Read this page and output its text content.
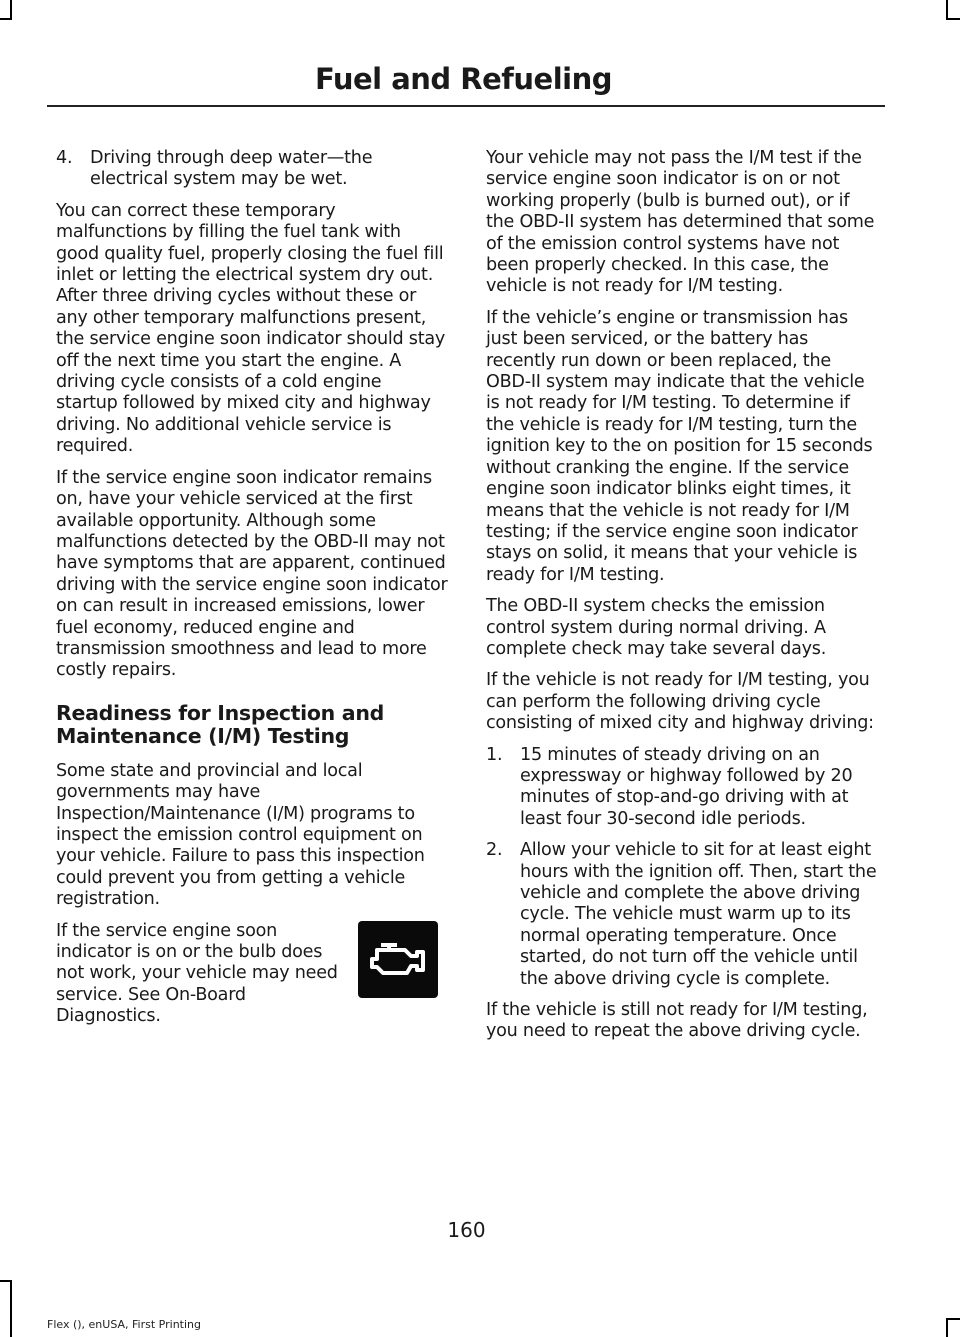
Fuel and Refueling
4. Driving through deep water—the electrical system may be wet.

You can correct these temporary malfunctions by filling the fuel tank with good quality fuel, properly closing the fuel fill inlet or letting the electrical system dry out. After three driving cycles without these or any other temporary malfunctions present, the service engine soon indicator should stay off the next time you start the engine. A driving cycle consists of a cold engine startup followed by mixed city and highway driving. No additional vehicle service is required.

If the service engine soon indicator remains on, have your vehicle serviced at the first available opportunity. Although some malfunctions detected by the OBD-II may not have symptoms that are apparent, continued driving with the service engine soon indicator on can result in increased emissions, lower fuel economy, reduced engine and transmission smoothness and lead to more costly repairs.

Readiness for Inspection and Maintenance (I/M) Testing

Some state and provincial and local governments may have Inspection/Maintenance (I/M) programs to inspect the emission control equipment on your vehicle. Failure to pass this inspection could prevent you from getting a vehicle registration.

If the service engine soon indicator is on or the bulb does not work, your vehicle may need service. See On-Board Diagnostics.

Your vehicle may not pass the I/M test if the service engine soon indicator is on or not working properly (bulb is burned out), or if the OBD-II system has determined that some of the emission control systems have not been properly checked. In this case, the vehicle is not ready for I/M testing.

If the vehicle’s engine or transmission has just been serviced, or the battery has recently run down or been replaced, the OBD-II system may indicate that the vehicle is not ready for I/M testing. To determine if the vehicle is ready for I/M testing, turn the ignition key to the on position for 15 seconds without cranking the engine. If the service engine soon indicator blinks eight times, it means that the vehicle is not ready for I/M testing; if the service engine soon indicator stays on solid, it means that your vehicle is ready for I/M testing.

The OBD-II system checks the emission control system during normal driving. A complete check may take several days.

If the vehicle is not ready for I/M testing, you can perform the following driving cycle consisting of mixed city and highway driving:

1. 15 minutes of steady driving on an expressway or highway followed by 20 minutes of stop-and-go driving with at least four 30-second idle periods.
2. Allow your vehicle to sit for at least eight hours with the ignition off. Then, start the vehicle and complete the above driving cycle. The vehicle must warm up to its normal operating temperature. Once started, do not turn off the vehicle until the above driving cycle is complete.

If the vehicle is still not ready for I/M testing, you need to repeat the above driving cycle.

160
Flex (), enUSA, First Printing
